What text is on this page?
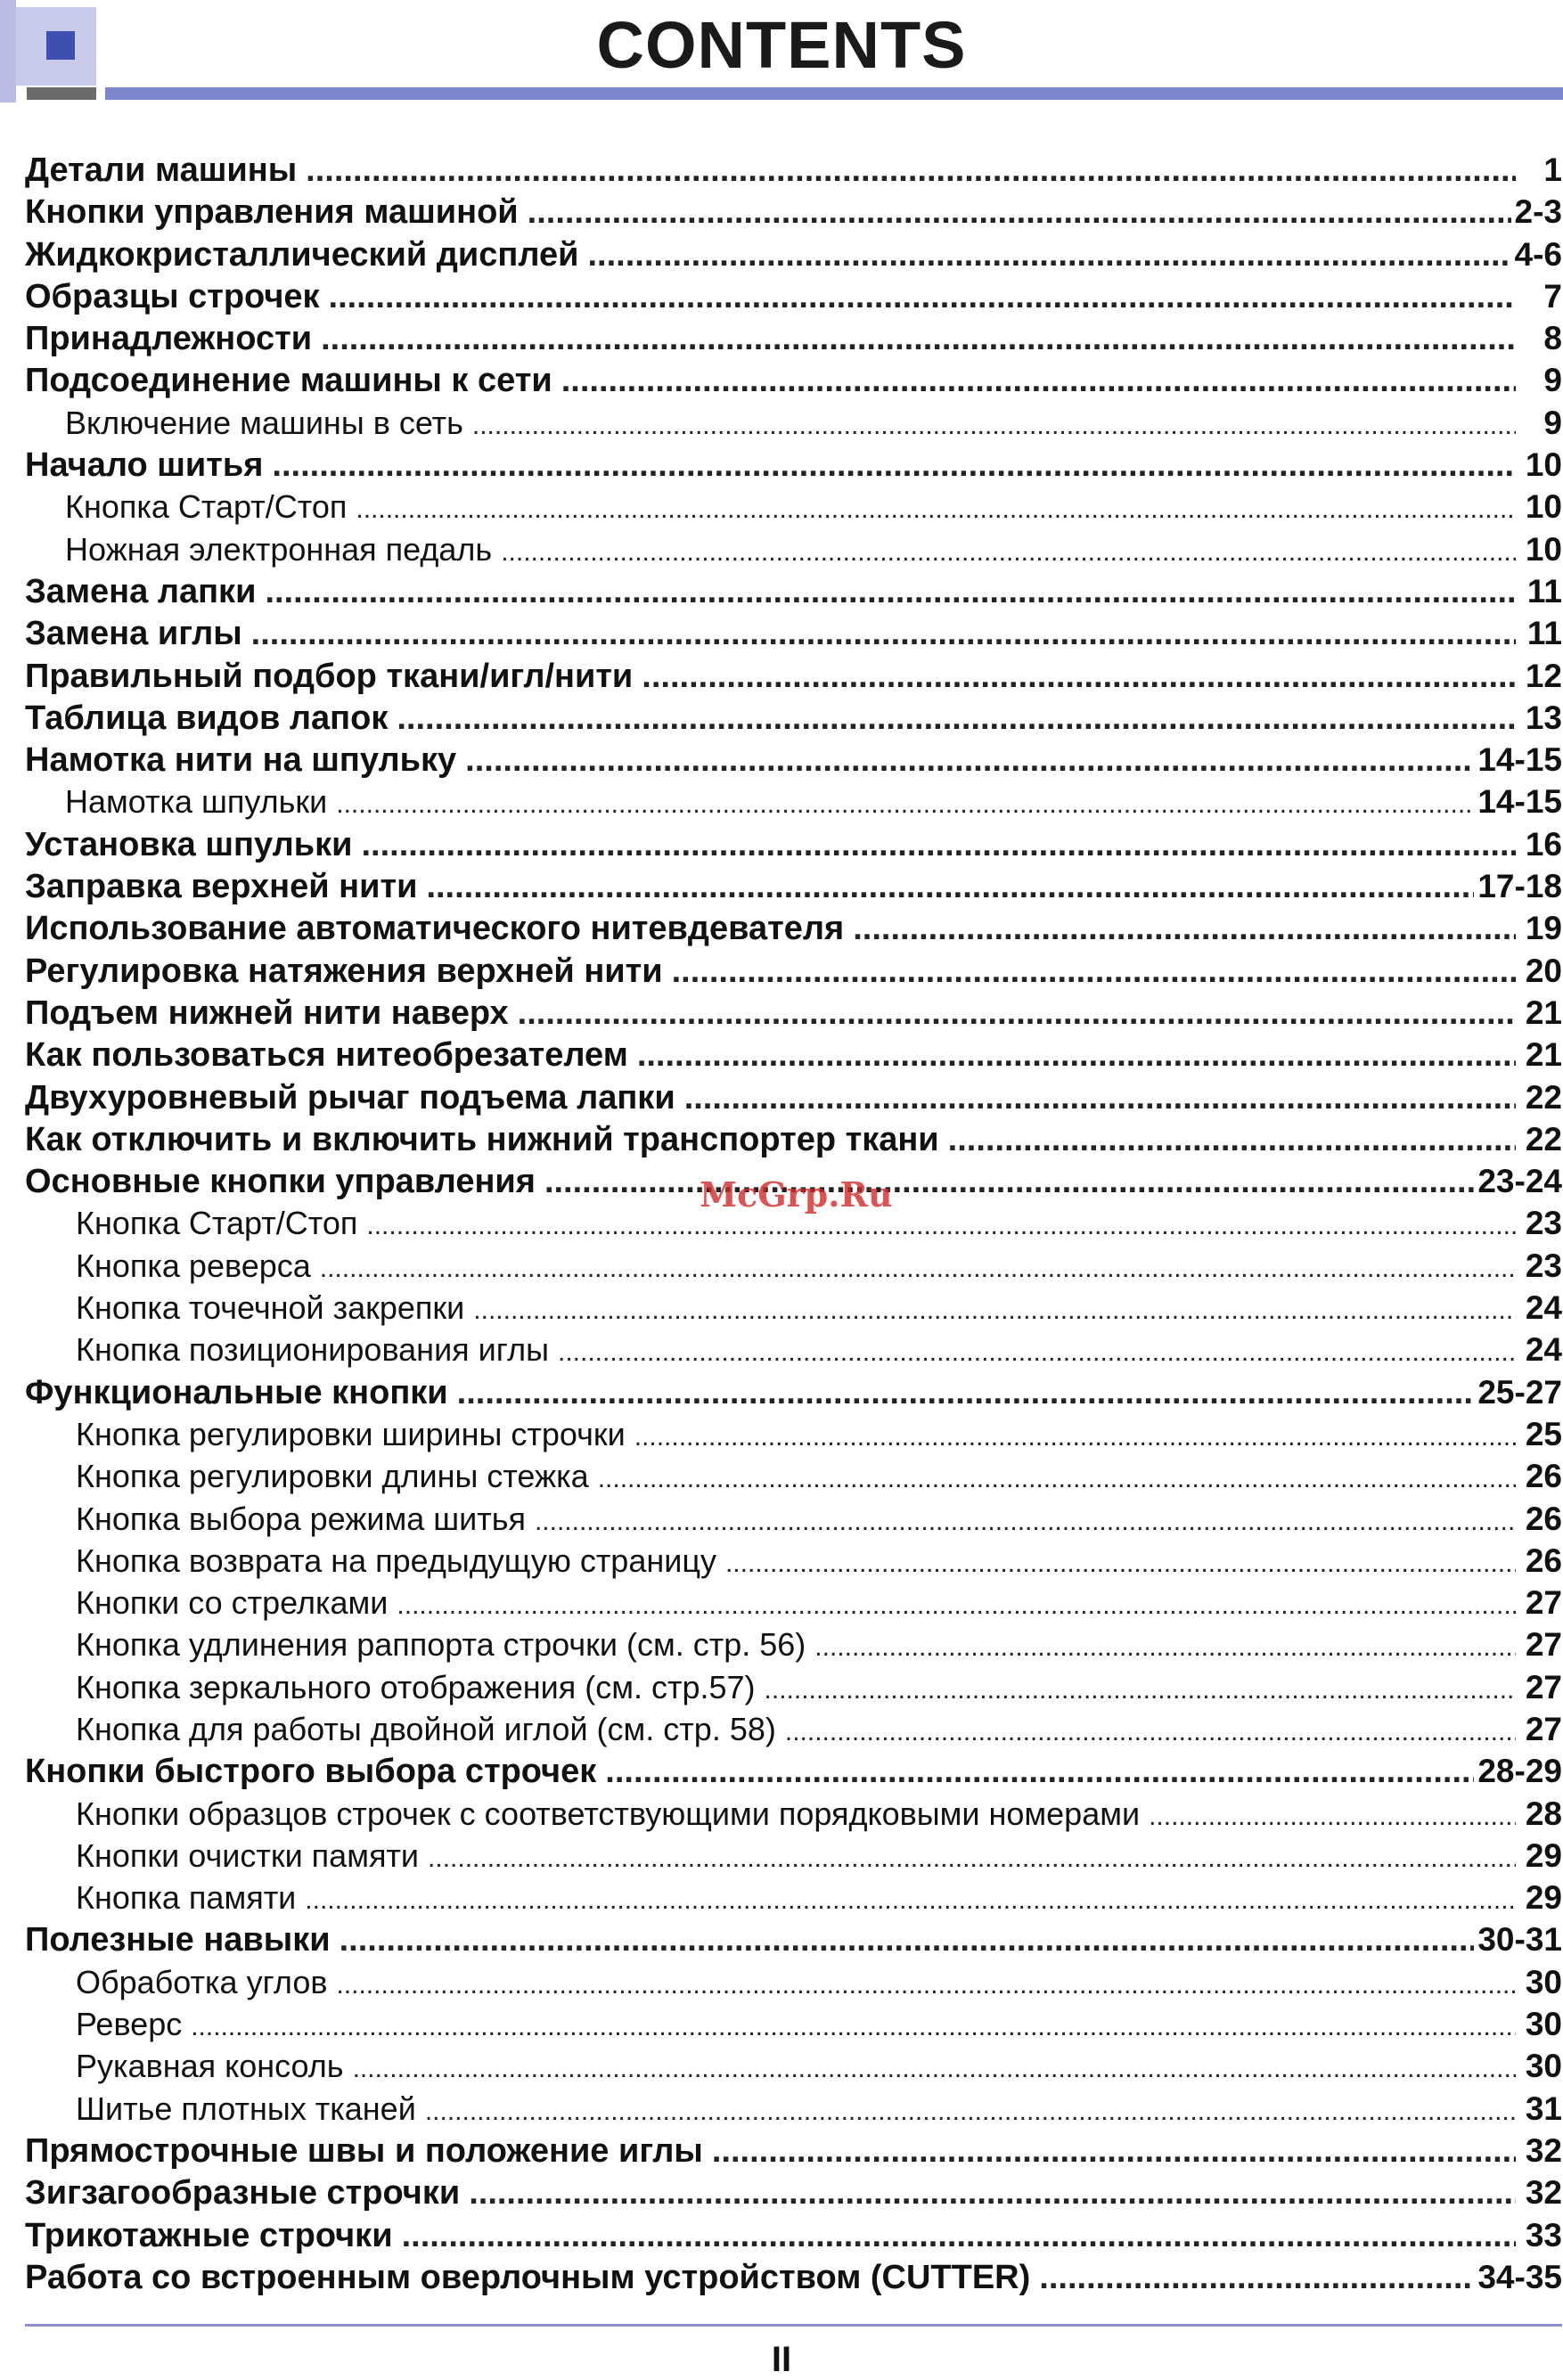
CONTENTS
Детали машины .....	1
Кнопки управления машиной .....	2-3
Жидкокристаллический дисплей .....	4-6
Образцы строчек .....	7
Принадлежности .....	8
Подсоединение машины к сети .....	9
Включение машины в сеть .....	9
Начало шитья .....	10
Кнопка Старт/Стоп .....	10
Ножная электронная педаль .....	10
Замена лапки .....	11
Замена иглы .....	11
Правильный подбор ткани/игл/нити .....	12
Таблица видов лапок .....	13
Намотка нити на шпульку .....	14-15
Намотка шпульки .....	14-15
Установка шпульки .....	16
Заправка верхней нити .....	17-18
Использование автоматического нитевдевателя .....	19
Регулировка натяжения верхней нити .....	20
Подъем нижней нити наверх .....	21
Как пользоваться нитеобрезателем .....	21
Двухуровневый рычаг подъема лапки .....	22
Как отключить и включить нижний транспортер ткани .....	22
Основные кнопки управления .....	23-24
Кнопка Старт/Стоп .....	23
Кнопка реверса .....	23
Кнопка точечной закрепки .....	24
Кнопка позиционирования иглы .....	24
Функциональные кнопки .....	25-27
Кнопка регулировки ширины строчки .....	25
Кнопка регулировки длины стежка .....	26
Кнопка выбора режима шитья .....	26
Кнопка возврата на предыдущую страницу .....	26
Кнопки со стрелками .....	27
Кнопка удлинения раппорта строчки (см. стр. 56) .....	27
Кнопка зеркального отображения (см. стр.57) .....	27
Кнопка для работы двойной иглой (см. стр. 58) .....	27
Кнопки быстрого выбора строчек .....	28-29
Кнопки образцов строчек с соответствующими порядковыми номерами .....	28
Кнопки очистки памяти .....	29
Кнопка памяти .....	29
Полезные навыки .....	30-31
Обработка углов .....	30
Реверс .....	30
Рукавная консоль .....	30
Шитье плотных тканей .....	31
Прямострочные швы и положение иглы .....	32
Зигзагообразные строчки .....	32
Трикотажные строчки .....	33
Работа со встроенным оверлочным устройством (CUTTER) .....	34-35
McGrp.Ru
II
